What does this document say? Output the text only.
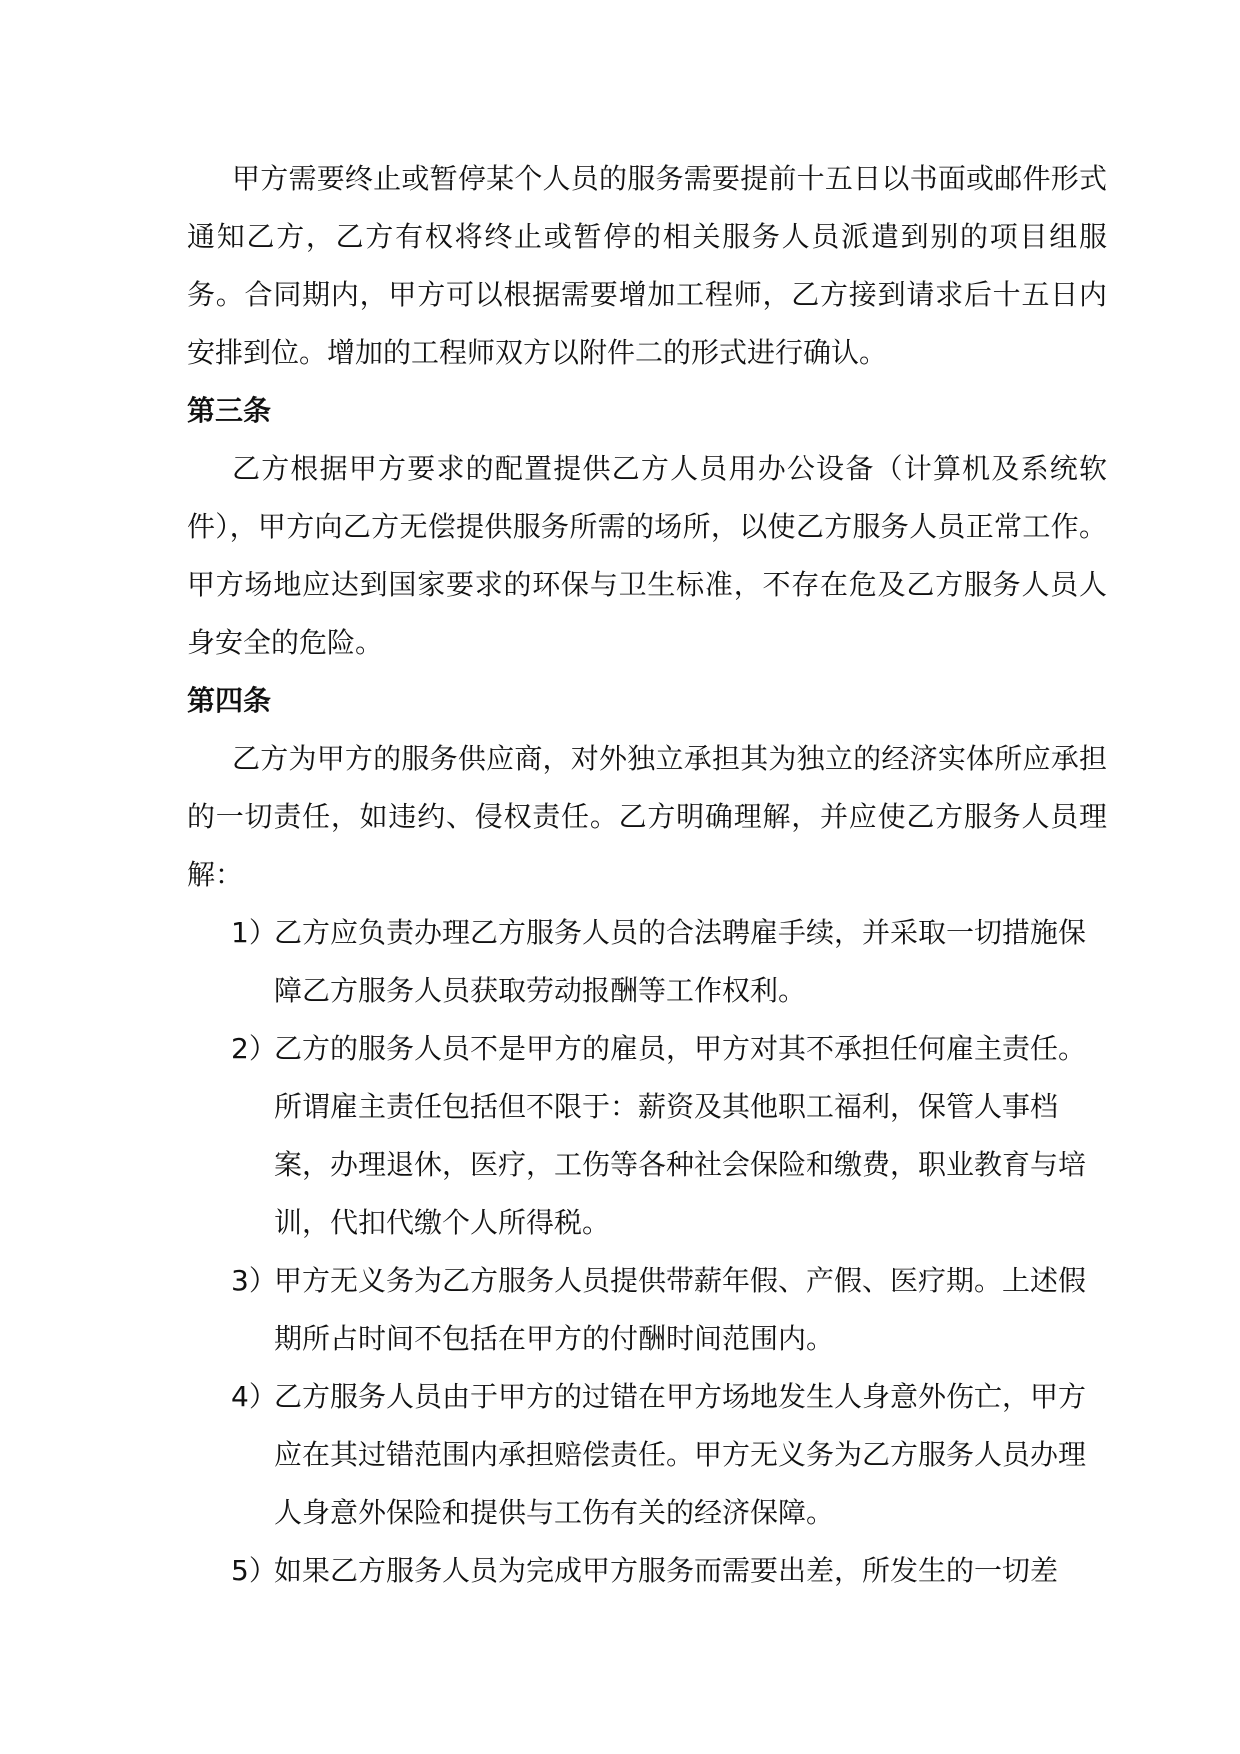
甲方需要终止或暂停某个人员的服务需要提前十五日以书面或邮件形式通知乙方，乙方有权将终止或暂停的相关服务人员派遣到别的项目组服务。合同期内，甲方可以根据需要增加工程师，乙方接到请求后十五日内安排到位。增加的工程师双方以附件二的形式进行确认。

第三条

乙方根据甲方要求的配置提供乙方人员用办公设备（计算机及系统软件），甲方向乙方无偿提供服务所需的场所，以使乙方服务人员正常工作。甲方场地应达到国家要求的环保与卫生标准，不存在危及乙方服务人员人身安全的危险。

第四条

乙方为甲方的服务供应商，对外独立承担其为独立的经济实体所应承担的一切责任，如违约、侵权责任。乙方明确理解，并应使乙方服务人员理解：

1）
乙方应负责办理乙方服务人员的合法聘雇手续，并采取一切措施保障乙方服务人员获取劳动报酬等工作权利。
2）
乙方的服务人员不是甲方的雇员，甲方对其不承担任何雇主责任。所谓雇主责任包括但不限于：薪资及其他职工福利，保管人事档案，办理退休，医疗，工伤等各种社会保险和缴费，职业教育与培训，代扣代缴个人所得税。
3）
甲方无义务为乙方服务人员提供带薪年假、产假、医疗期。上述假期所占时间不包括在甲方的付酬时间范围内。
4）
乙方服务人员由于甲方的过错在甲方场地发生人身意外伤亡，甲方应在其过错范围内承担赔偿责任。甲方无义务为乙方服务人员办理人身意外保险和提供与工伤有关的经济保障。
5）
如果乙方服务人员为完成甲方服务而需要出差，所发生的一切差
